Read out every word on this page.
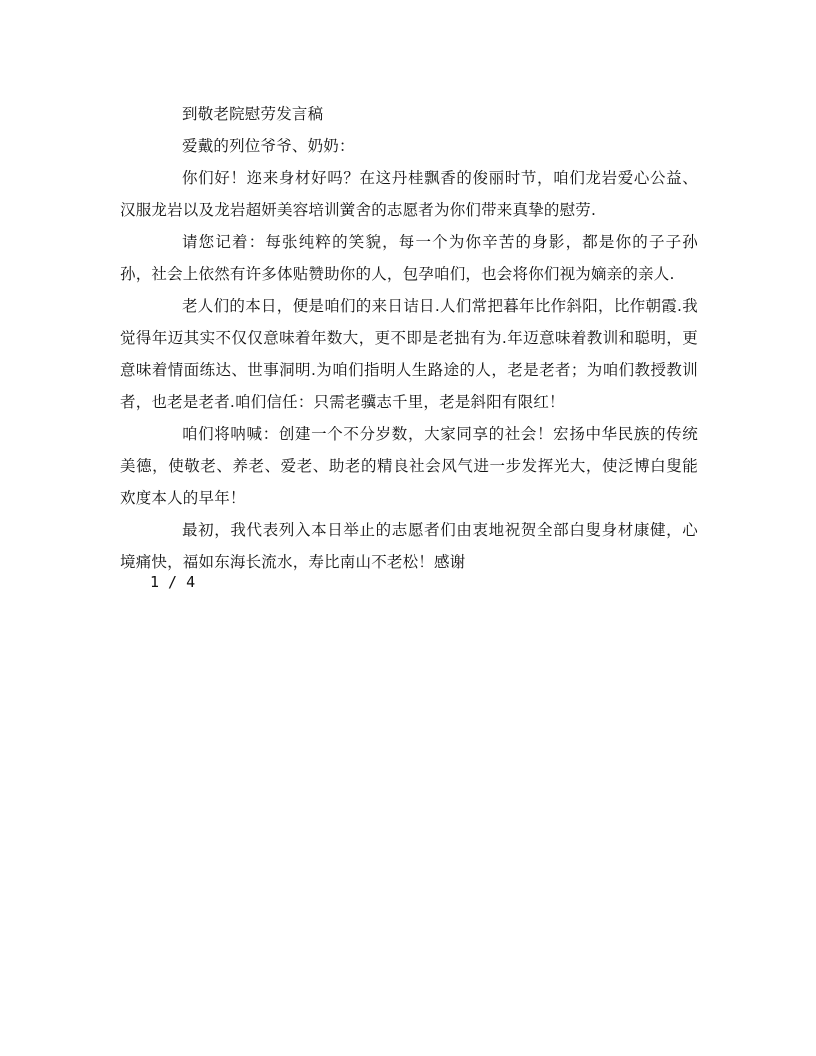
到敬老院慰劳发言稿

爱戴的列位爷爷、奶奶：

你们好！迩来身材好吗？在这丹桂飘香的俊丽时节，咱们龙岩爱心公益、汉服龙岩以及龙岩超妍美容培训黉舍的志愿者为你们带来真挚的慰劳.

请您记着：每张纯粹的笑貌，每一个为你辛苦的身影，都是你的子子孙孙，社会上依然有许多体贴赞助你的人，包孕咱们，也会将你们视为嫡亲的亲人.

老人们的本日，便是咱们的来日诘日.人们常把暮年比作斜阳，比作朝霞.我觉得年迈其实不仅仅意味着年数大，更不即是老拙有为.年迈意味着教训和聪明，更意味着情面练达、世事洞明.为咱们指明人生路途的人，老是老者；为咱们教授教训者，也老是老者.咱们信任：只需老骥志千里，老是斜阳有限红！

咱们将呐喊：创建一个不分岁数，大家同享的社会！宏扬中华民族的传统美德，使敬老、养老、爱老、助老的精良社会风气进一步发挥光大，使泛博白叟能欢度本人的早年！

最初，我代表列入本日举止的志愿者们由衷地祝贺全部白叟身材康健，心境痛快，福如东海长流水，寿比南山不老松！感谢

1 / 4
